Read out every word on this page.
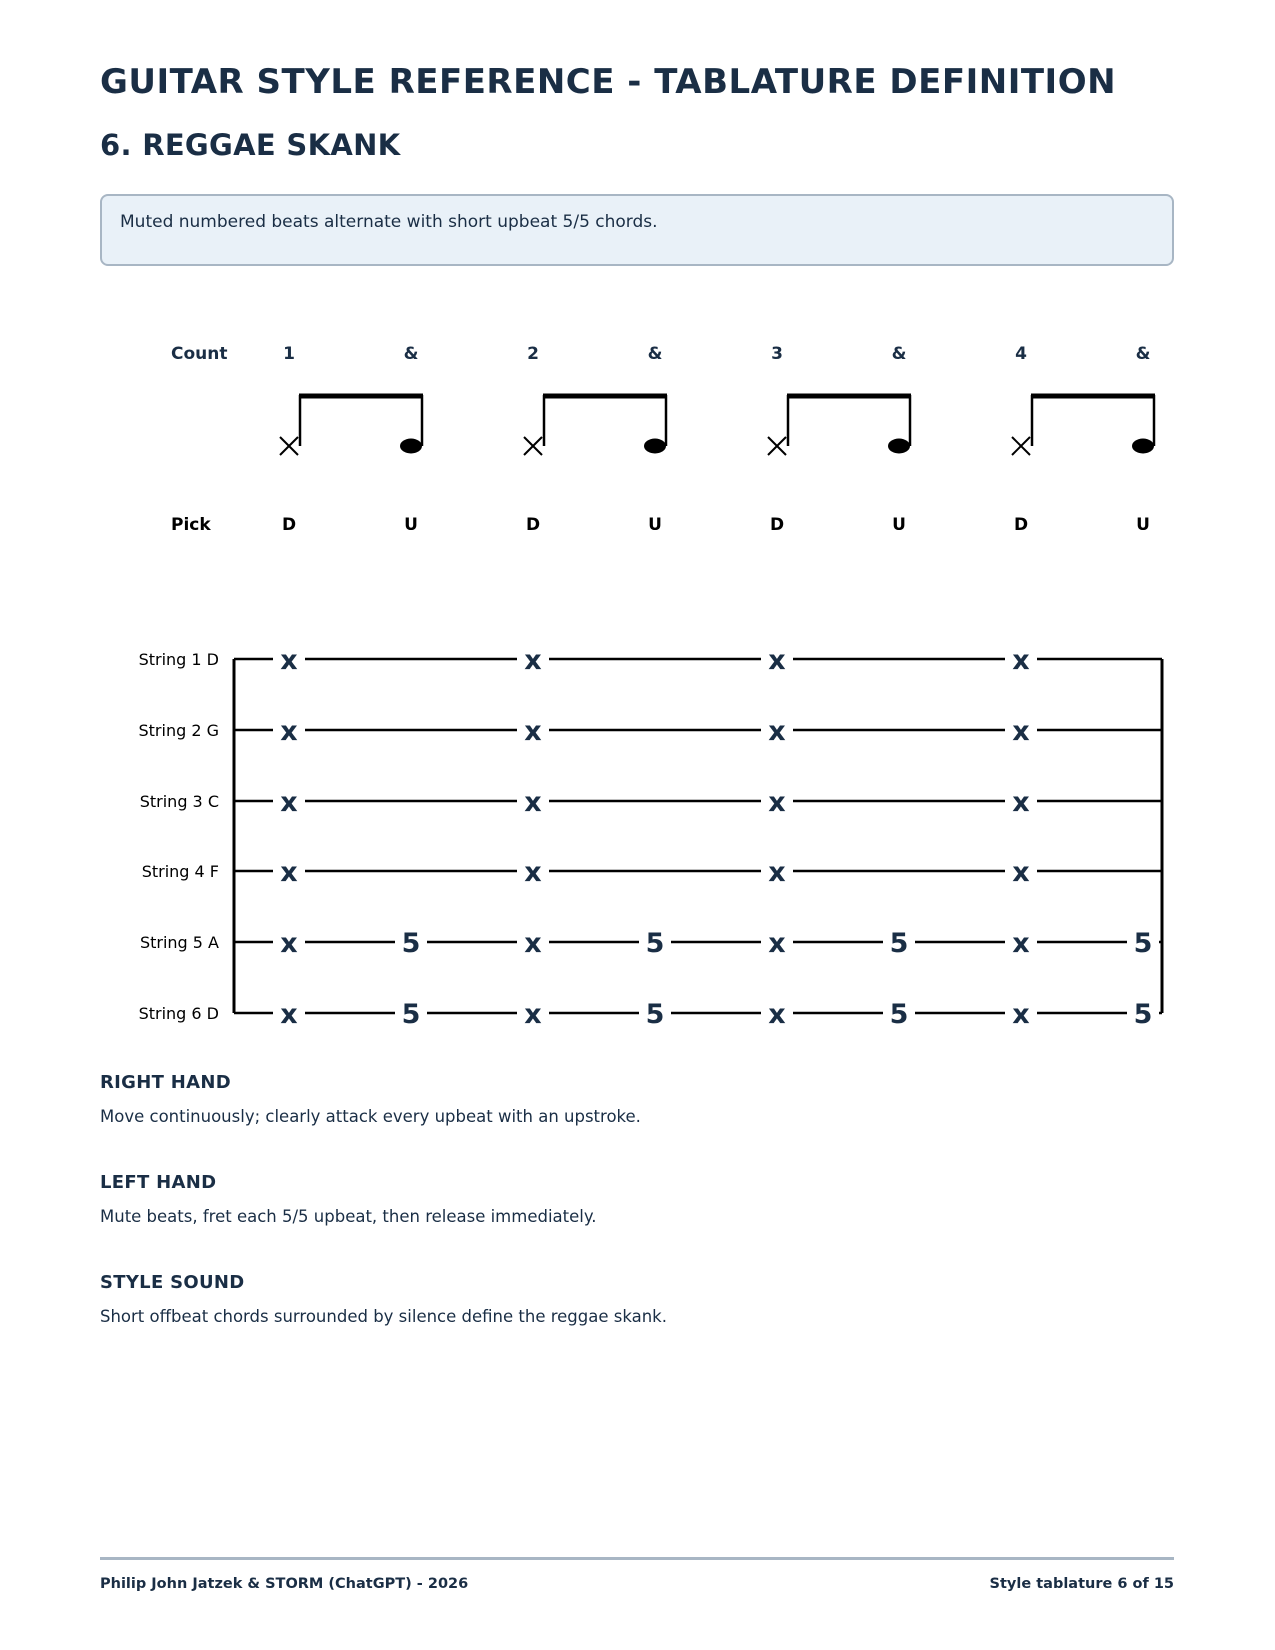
GUITAR STYLE REFERENCE - TABLATURE DEFINITION
6. REGGAE SKANK
Muted numbered beats alternate with short upbeat 5/5 chords.
Count
Pick
1	&	2	&	3	&	4	&
D	U	D	U	D	U	D	U
String 1 D x	x	x	x
String 2 G x	x	x	x
String 3 C x	x	x	x
String 4 F x	x	x	x
String 5 A x	5	x	5	x	5	x	5
String 6 D x	5	x	5	x	5	x	5
RIGHT HAND

Move continuously; clearly attack every upbeat with an upstroke.

LEFT HAND

Mute beats, fret each 5/5 upbeat, then release immediately.

STYLE SOUND

Short offbeat chords surrounded by silence define the reggae skank.

Philip John Jatzek & STORM (ChatGPT) - 2026	Style tablature 6 of 15
